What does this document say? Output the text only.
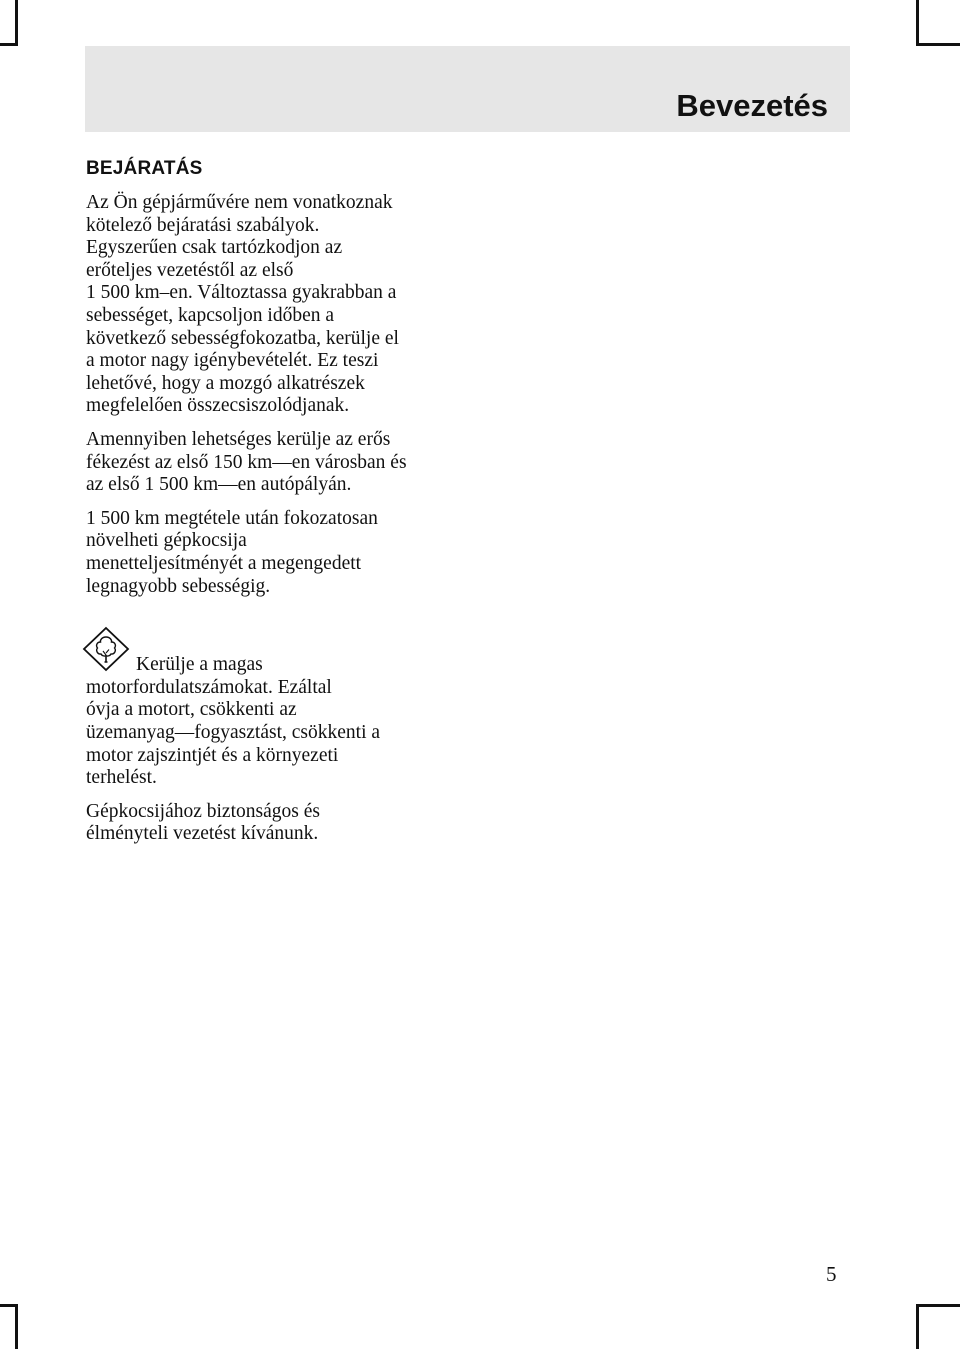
Bevezetés
BEJÁRATÁS

Az Ön gépjárművére nem vonatkoznak
kötelező bejáratási szabályok.
Egyszerűen csak tartózkodjon az
erőteljes vezetéstől az első
1 500 km–en. Változtassa gyakrabban a
sebességet, kapcsoljon időben a
következő sebességfokozatba, kerülje el
a motor nagy igénybevételét. Ez teszi
lehetővé, hogy a mozgó alkatrészek
megfelelően összecsiszolódjanak.

Amennyiben lehetséges kerülje az erős
fékezést az első 150 km—en városban és
az első 1 500 km—en autópályán.

1 500 km megtétele után fokozatosan
növelheti gépkocsija
menetteljesítményét a megengedett
legnagyobb sebességig.

Kerülje a magas
motorfordulatszámokat. Ezáltal
óvja a motort, csökkenti az
üzemanyag—fogyasztást, csökkenti a
motor zajszintjét és a környezeti
terhelést.

Gépkocsijához biztonságos és
élményteli vezetést kívánunk.

5
